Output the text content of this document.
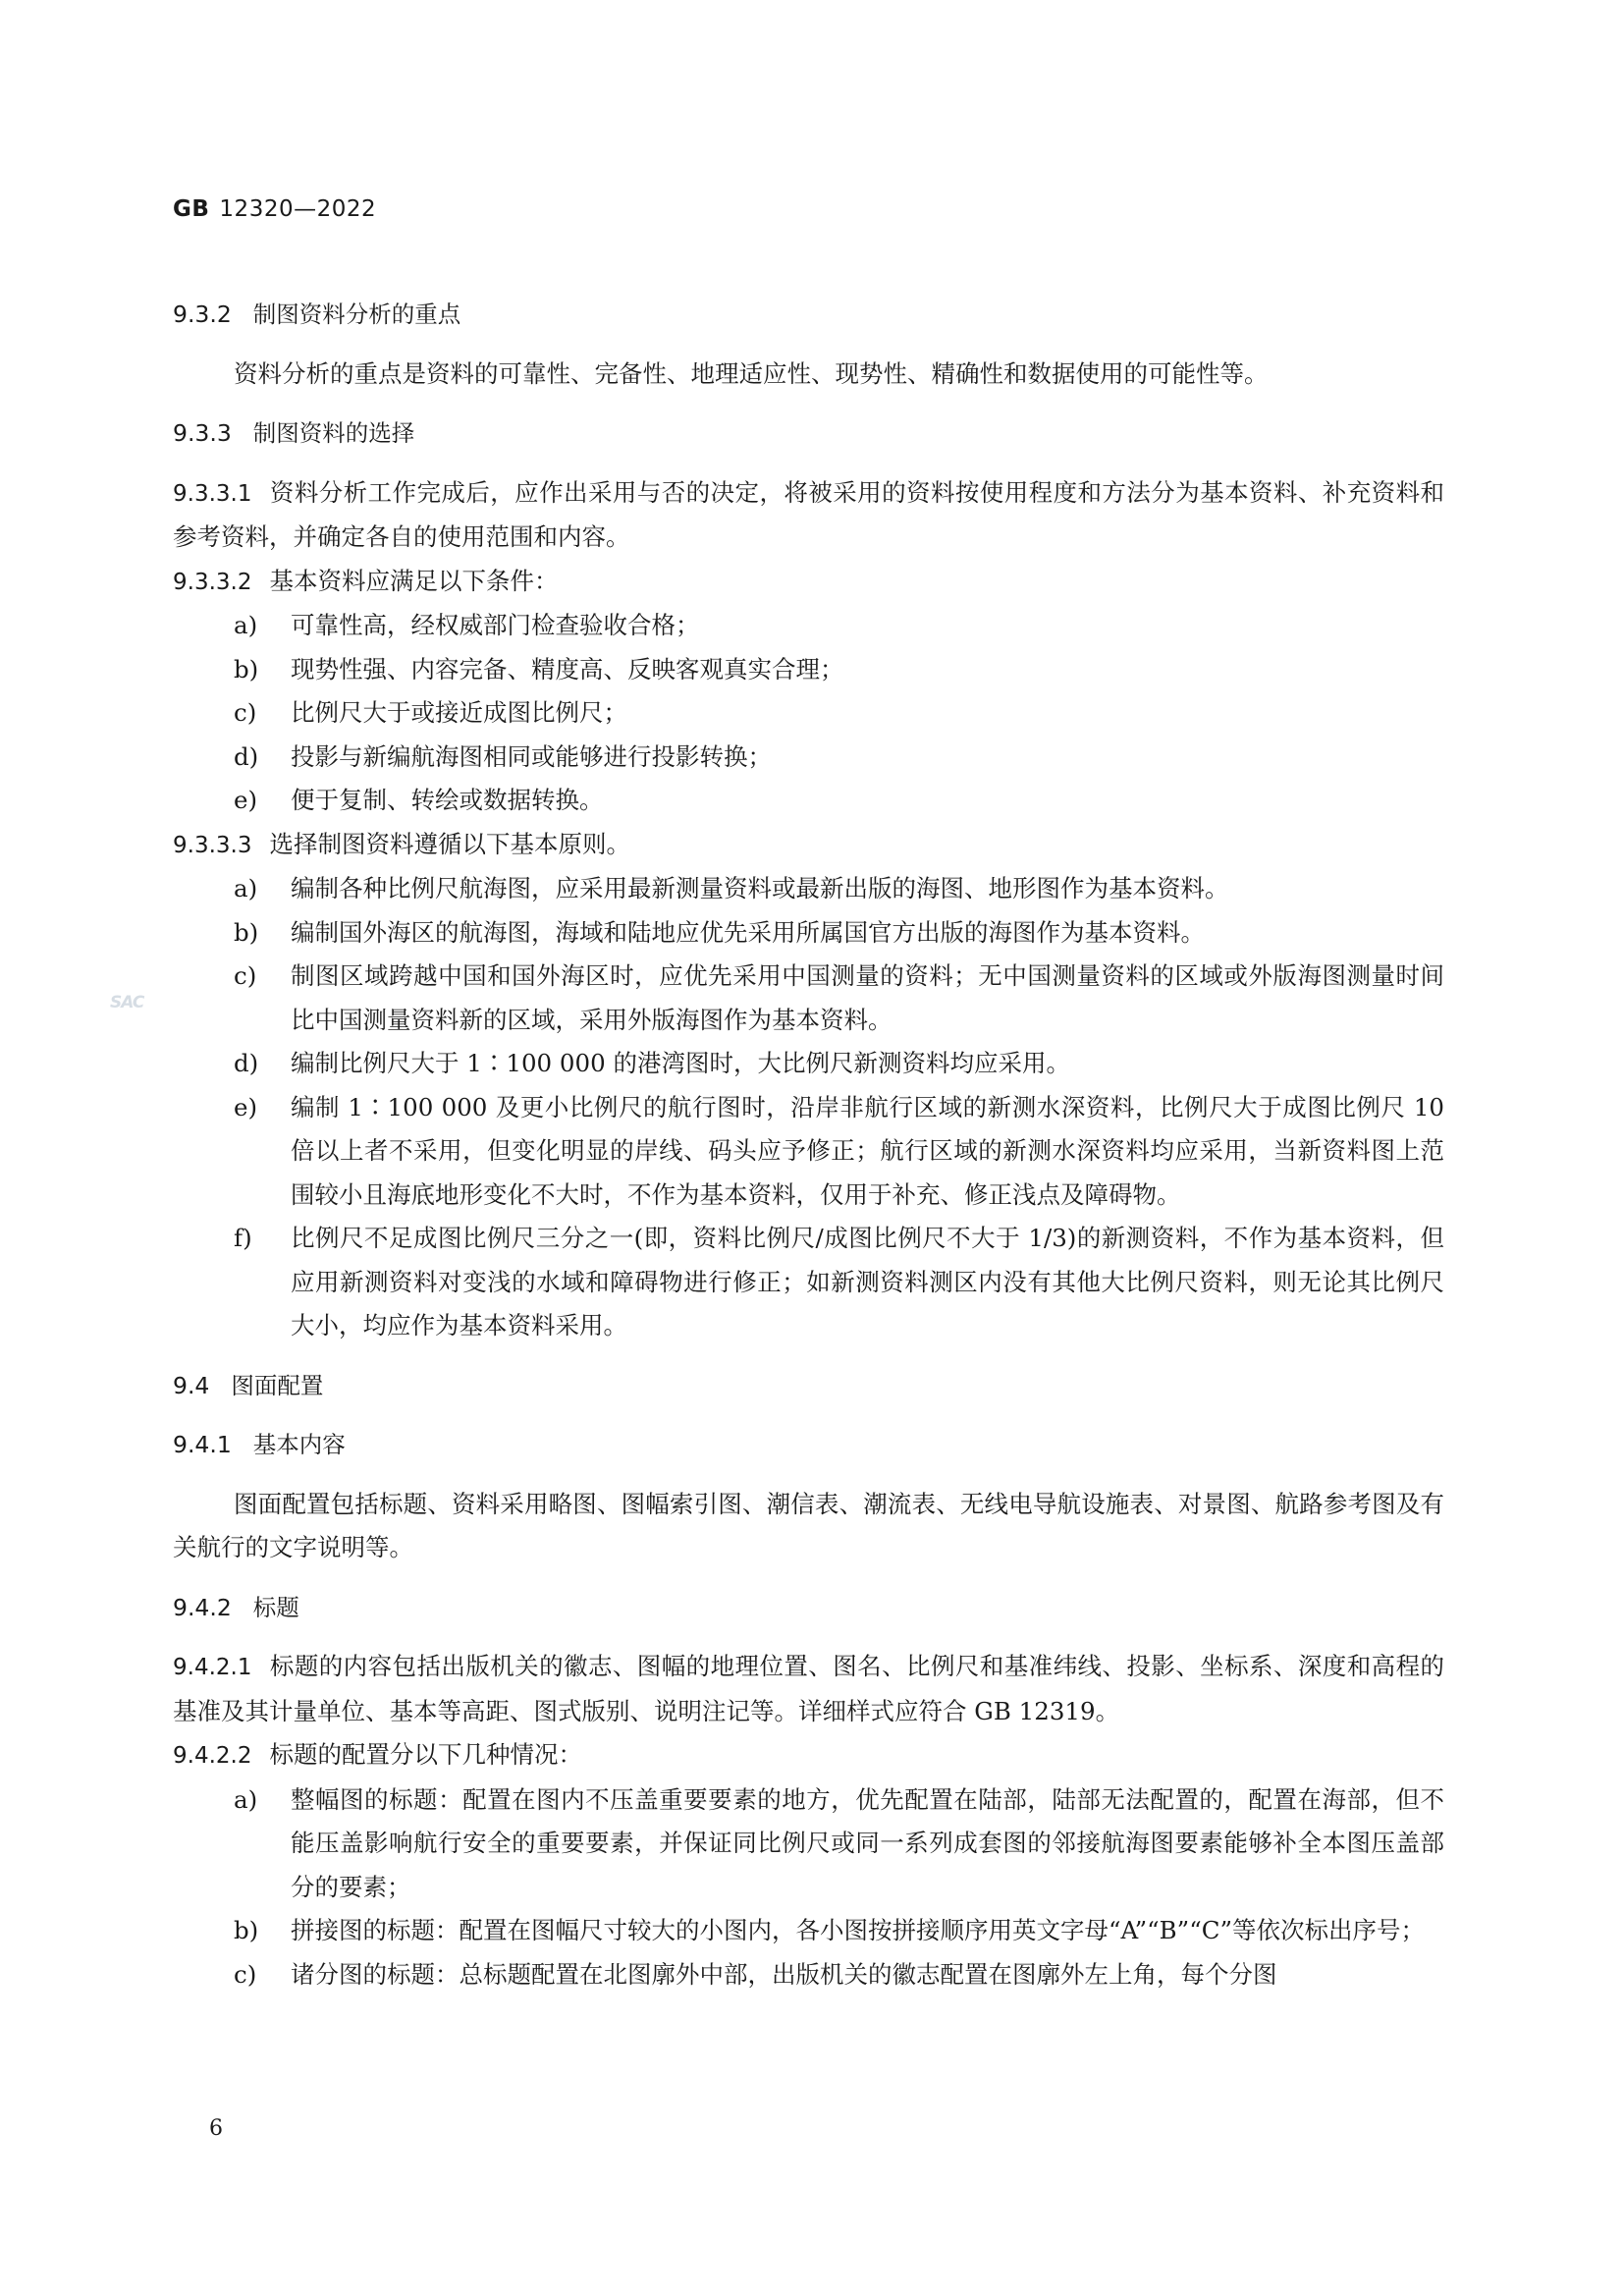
GB 12320—2022
SAC

9.3.2 制图资料分析的重点

资料分析的重点是资料的可靠性、完备性、地理适应性、现势性、精确性和数据使用的可能性等。

9.3.3 制图资料的选择

9.3.3.1 资料分析工作完成后，应作出采用与否的决定，将被采用的资料按使用程度和方法分为基本资料、补充资料和参考资料，并确定各自的使用范围和内容。

9.3.3.2 基本资料应满足以下条件：

a) 可靠性高，经权威部门检查验收合格；

b) 现势性强、内容完备、精度高、反映客观真实合理；

c) 比例尺大于或接近成图比例尺；

d) 投影与新编航海图相同或能够进行投影转换；

e) 便于复制、转绘或数据转换。

9.3.3.3 选择制图资料遵循以下基本原则。

a) 编制各种比例尺航海图，应采用最新测量资料或最新出版的海图、地形图作为基本资料。

b) 编制国外海区的航海图，海域和陆地应优先采用所属国官方出版的海图作为基本资料。

c) 制图区域跨越中国和国外海区时，应优先采用中国测量的资料；无中国测量资料的区域或外版海图测量时间比中国测量资料新的区域，采用外版海图作为基本资料。

d) 编制比例尺大于 1∶100 000 的港湾图时，大比例尺新测资料均应采用。

e) 编制 1∶100 000 及更小比例尺的航行图时，沿岸非航行区域的新测水深资料，比例尺大于成图比例尺 10 倍以上者不采用，但变化明显的岸线、码头应予修正；航行区域的新测水深资料均应采用，当新资料图上范围较小且海底地形变化不大时，不作为基本资料，仅用于补充、修正浅点及障碍物。

f) 比例尺不足成图比例尺三分之一(即，资料比例尺/成图比例尺不大于 1/3)的新测资料，不作为基本资料，但应用新测资料对变浅的水域和障碍物进行修正；如新测资料测区内没有其他大比例尺资料，则无论其比例尺大小，均应作为基本资料采用。

9.4 图面配置

9.4.1 基本内容

图面配置包括标题、资料采用略图、图幅索引图、潮信表、潮流表、无线电导航设施表、对景图、航路参考图及有关航行的文字说明等。

9.4.2 标题

9.4.2.1 标题的内容包括出版机关的徽志、图幅的地理位置、图名、比例尺和基准纬线、投影、坐标系、深度和高程的基准及其计量单位、基本等高距、图式版别、说明注记等。详细样式应符合 GB 12319。

9.4.2.2 标题的配置分以下几种情况：

a) 整幅图的标题：配置在图内不压盖重要要素的地方，优先配置在陆部，陆部无法配置的，配置在海部，但不能压盖影响航行安全的重要要素，并保证同比例尺或同一系列成套图的邻接航海图要素能够补全本图压盖部分的要素；

b) 拼接图的标题：配置在图幅尺寸较大的小图内，各小图按拼接顺序用英文字母“A”“B”“C”等依次标出序号；

c) 诸分图的标题：总标题配置在北图廓外中部，出版机关的徽志配置在图廓外左上角，每个分图

6
